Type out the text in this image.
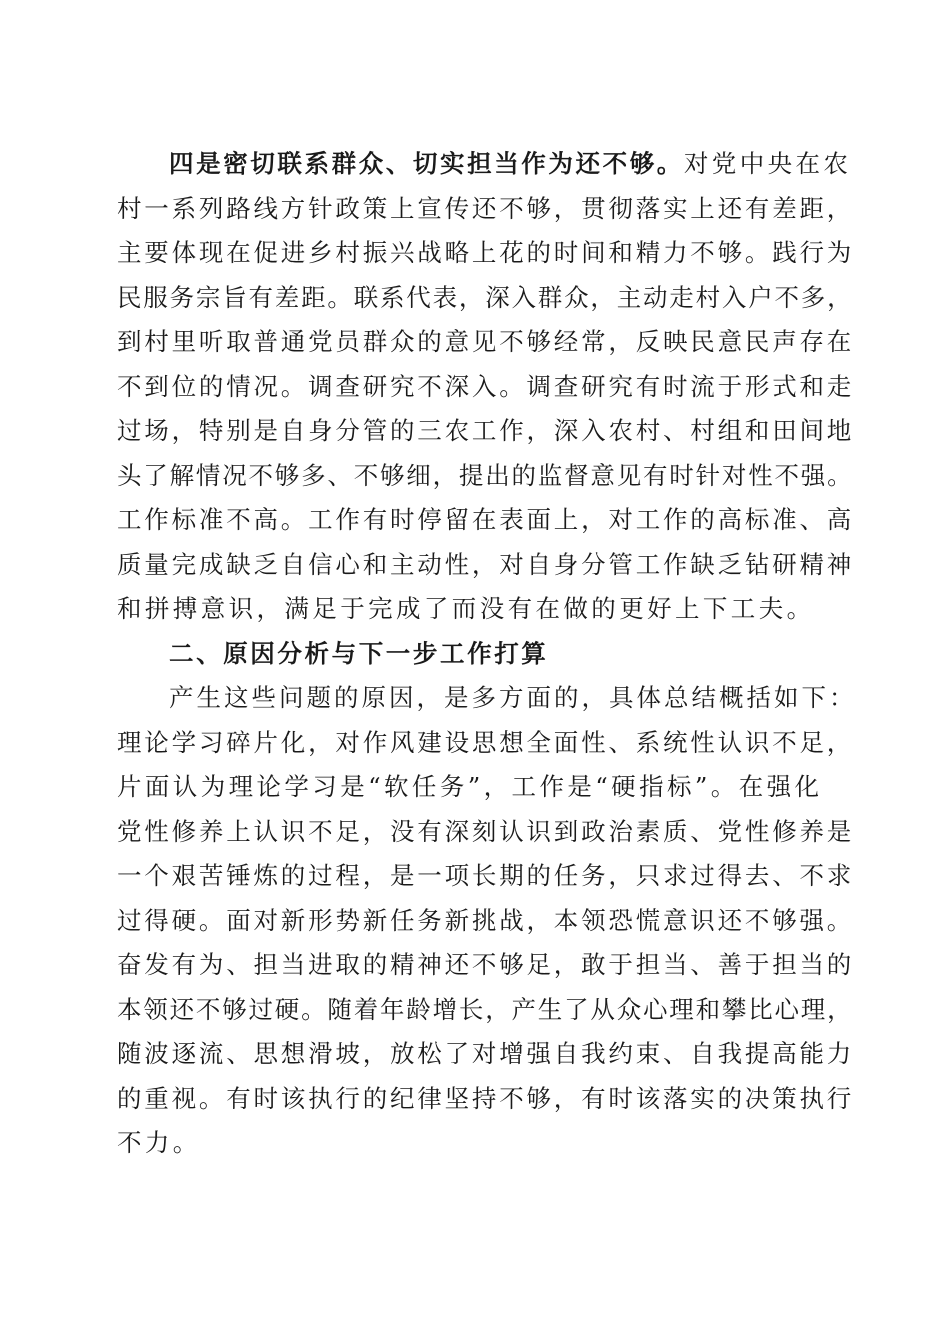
四是密切联系群众、切实担当作为还不够。对党中央在农
村一系列路线方针政策上宣传还不够，贯彻落实上还有差距，
主要体现在促进乡村振兴战略上花的时间和精力不够。践行为
民服务宗旨有差距。联系代表，深入群众，主动走村入户不多，
到村里听取普通党员群众的意见不够经常，反映民意民声存在
不到位的情况。调查研究不深入。调查研究有时流于形式和走
过场，特别是自身分管的三农工作，深入农村、村组和田间地
头了解情况不够多、不够细，提出的监督意见有时针对性不强。
工作标准不高。工作有时停留在表面上，对工作的高标准、高
质量完成缺乏自信心和主动性，对自身分管工作缺乏钻研精神
和拼搏意识，满足于完成了而没有在做的更好上下工夫。
二、原因分析与下一步工作打算
产生这些问题的原因，是多方面的，具体总结概括如下：
理论学习碎片化，对作风建设思想全面性、系统性认识不足，
片面认为理论学习是“软任务”，工作是“硬指标”。在强化
党性修养上认识不足，没有深刻认识到政治素质、党性修养是
一个艰苦锤炼的过程，是一项长期的任务，只求过得去、不求
过得硬。面对新形势新任务新挑战，本领恐慌意识还不够强。
奋发有为、担当进取的精神还不够足，敢于担当、善于担当的
本领还不够过硬。随着年龄增长，产生了从众心理和攀比心理，
随波逐流、思想滑坡，放松了对增强自我约束、自我提高能力
的重视。有时该执行的纪律坚持不够，有时该落实的决策执行
不力。
